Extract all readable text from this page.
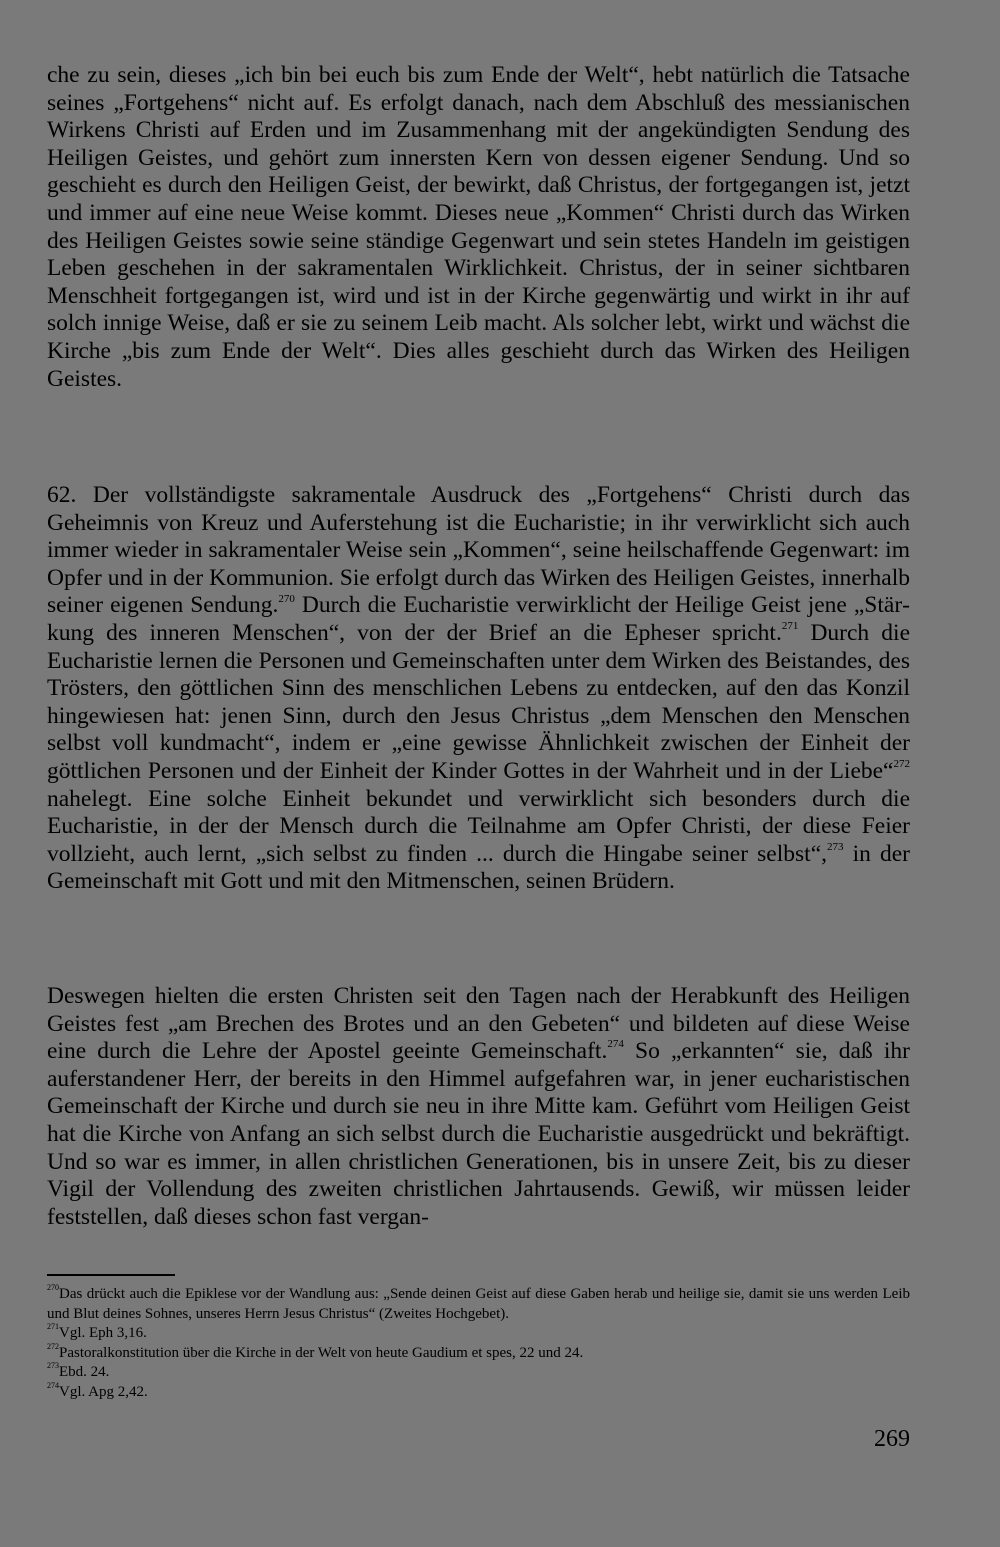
che zu sein, dieses „ich bin bei euch bis zum Ende der Welt“, hebt natürlich die Tatsache seines „Fortgehens“ nicht auf. Es erfolgt danach, nach dem Abschluß des messianischen Wirkens Christi auf Erden und im Zusammenhang mit der angekündigten Sendung des Heiligen Geistes, und gehört zum innersten Kern von dessen eigener Sendung. Und so geschieht es durch den Heiligen Geist, der bewirkt, daß Christus, der fortgegangen ist, jetzt und immer auf eine neue Weise kommt. Dieses neue „Kommen“ Christi durch das Wirken des Heiligen Geistes sowie seine ständige Gegenwart und sein stetes Handeln im geistigen Leben geschehen in der sakramentalen Wirklichkeit. Christus, der in seiner sichtbaren Menschheit fortgegangen ist, wird und ist in der Kirche gegenwärtig und wirkt in ihr auf solch innige Weise, daß er sie zu seinem Leib macht. Als solcher lebt, wirkt und wächst die Kirche „bis zum Ende der Welt“. Dies alles geschieht durch das Wirken des Heiligen Geistes.

62. Der vollständigste sakramentale Ausdruck des „Fortgehens“ Christi durch das Geheimnis von Kreuz und Auferstehung ist die Eucharistie; in ihr verwirklicht sich auch immer wieder in sakramentaler Weise sein „Kommen“, seine heilschaffende Gegenwart: im Opfer und in der Kommunion. Sie erfolgt durch das Wirken des Heiligen Geistes, innerhalb seiner eigenen Sendung.$^{270}$ Durch die Eucharistie verwirklicht der Heilige Geist jene „Stärkung des inneren Menschen“, von der der Brief an die Epheser spricht.$^{271}$ Durch die Eucharistie lernen die Personen und Gemeinschaften unter dem Wirken des Beistandes, des Trösters, den göttlichen Sinn des menschlichen Lebens zu entdecken, auf den das Konzil hingewiesen hat: jenen Sinn, durch den Jesus Christus „dem Menschen den Menschen selbst voll kundmacht“, indem er „eine gewisse Ähnlichkeit zwischen der Einheit der göttlichen Personen und der Einheit der Kinder Gottes in der Wahrheit und in der Liebe“$^{272}$ nahelegt. Eine solche Einheit bekundet und verwirklicht sich besonders durch die Eucharistie, in der der Mensch durch die Teilnahme am Opfer Christi, der diese Feier vollzieht, auch lernt, „sich selbst zu finden ... durch die Hingabe seiner selbst“,$^{273}$ in der Gemeinschaft mit Gott und mit den Mitmenschen, seinen Brüdern.

Deswegen hielten die ersten Christen seit den Tagen nach der Herabkunft des Heiligen Geistes fest „am Brechen des Brotes und an den Gebeten“ und bildeten auf diese Weise eine durch die Lehre der Apostel geeinte Gemeinschaft.$^{274}$ So „erkannten“ sie, daß ihr auferstandener Herr, der bereits in den Himmel aufgefahren war, in jener eucharistischen Gemeinschaft der Kirche und durch sie neu in ihre Mitte kam. Geführt vom Heiligen Geist hat die Kirche von Anfang an sich selbst durch die Eucharistie ausgedrückt und bekräftigt. Und so war es immer, in allen christlichen Generationen, bis in unsere Zeit, bis zu dieser Vigil der Vollendung des zweiten christlichen Jahrtausends. Gewiß, wir müssen leider feststellen, daß dieses schon fast vergan-

$^{270}$Das drückt auch die Epiklese vor der Wandlung aus: „Sende deinen Geist auf diese Gaben herab und heilige sie, damit sie uns werden Leib und Blut deines Sohnes, unseres Herrn Jesus Christus“ (Zweites Hochgebet).

$^{271}$Vgl. Eph 3,16.

$^{272}$Pastoralkonstitution über die Kirche in der Welt von heute Gaudium et spes, 22 und 24.

$^{273}$Ebd. 24.

$^{274}$Vgl. Apg 2,42.

269
